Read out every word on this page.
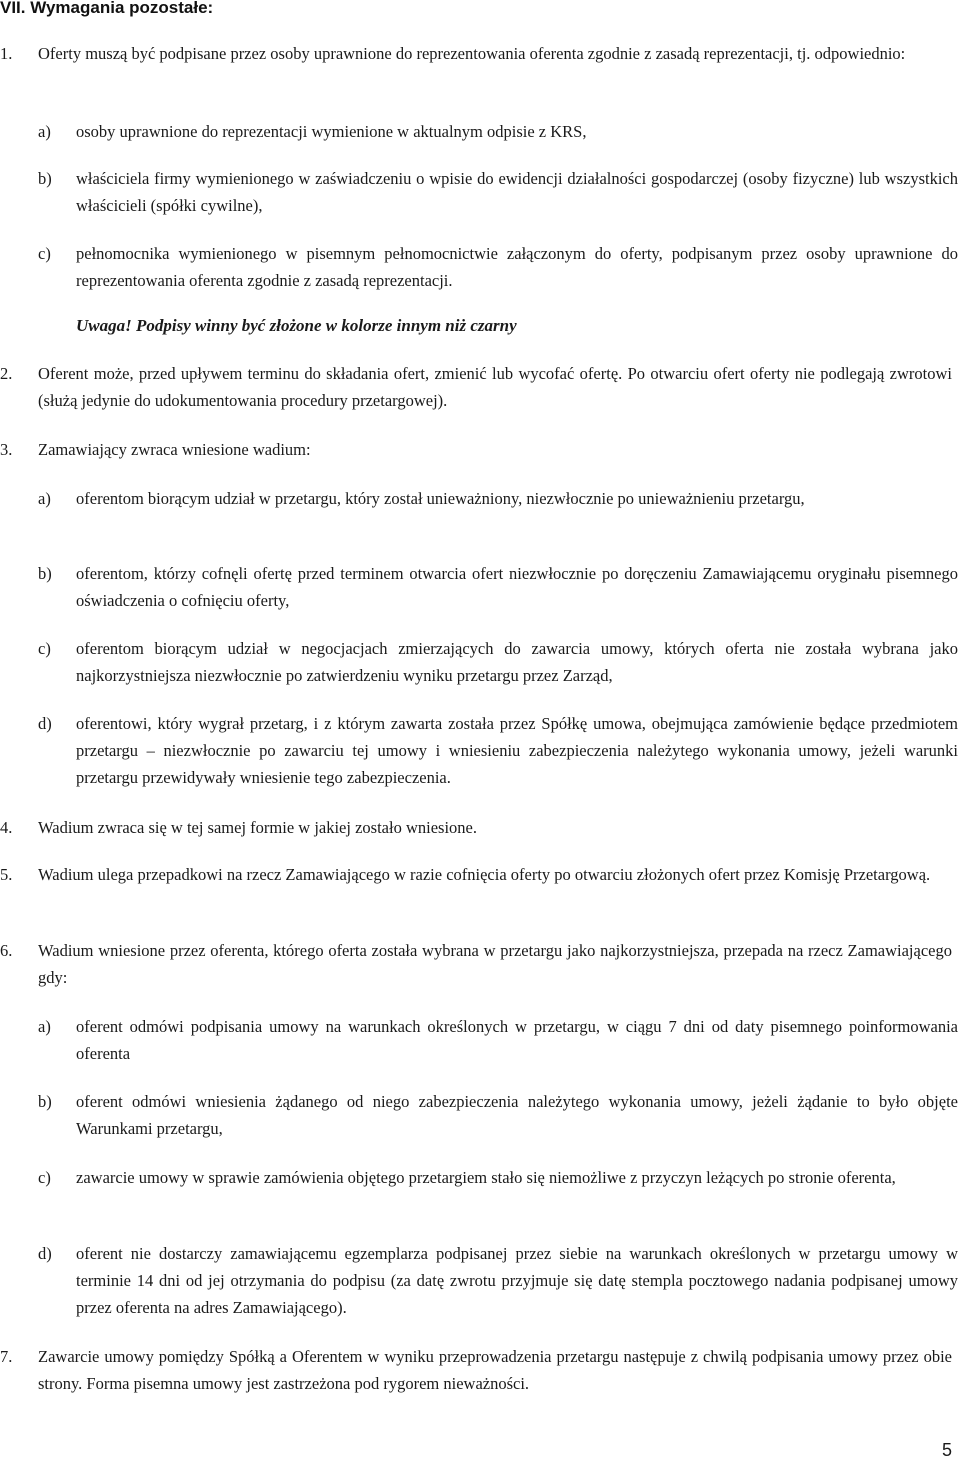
VII. Wymagania pozostałe:

1. Oferty muszą być podpisane przez osoby uprawnione do reprezentowania oferenta zgodnie z zasadą reprezentacji, tj. odpowiednio:

a) osoby uprawnione do reprezentacji wymienione w aktualnym odpisie z KRS,

b) właściciela firmy wymienionego w zaświadczeniu o wpisie do ewidencji działalności gospodarczej (osoby fizyczne) lub wszystkich właścicieli (spółki cywilne),

c) pełnomocnika wymienionego w pisemnym pełnomocnictwie załączonym do oferty, podpisanym przez osoby uprawnione do reprezentowania oferenta zgodnie z zasadą reprezentacji.

Uwaga! Podpisy winny być złożone w kolorze innym niż czarny

2. Oferent może, przed upływem terminu do składania ofert, zmienić lub wycofać ofertę. Po otwarciu ofert oferty nie podlegają zwrotowi (służą jedynie do udokumentowania procedury przetargowej).

3. Zamawiający zwraca wniesione wadium:

a) oferentom biorącym udział w przetargu, który został unieważniony, niezwłocznie po unieważnieniu przetargu,

b) oferentom, którzy cofnęli ofertę przed terminem otwarcia ofert niezwłocznie po doręczeniu Zamawiającemu oryginału pisemnego oświadczenia o cofnięciu oferty,

c) oferentom biorącym udział w negocjacjach zmierzających do zawarcia umowy, których oferta nie została wybrana jako najkorzystniejsza niezwłocznie po zatwierdzeniu wyniku przetargu przez Zarząd,

d) oferentowi, który wygrał przetarg, i z którym zawarta została przez Spółkę umowa, obejmująca zamówienie będące przedmiotem przetargu – niezwłocznie po zawarciu tej umowy i wniesieniu zabezpieczenia należytego wykonania umowy, jeżeli warunki przetargu przewidywały wniesienie tego zabezpieczenia.

4. Wadium zwraca się w tej samej formie w jakiej zostało wniesione.

5. Wadium ulega przepadkowi na rzecz Zamawiającego w razie cofnięcia oferty po otwarciu złożonych ofert przez Komisję Przetargową.

6. Wadium wniesione przez oferenta, którego oferta została wybrana w przetargu jako najkorzystniejsza, przepada na rzecz Zamawiającego gdy:

a) oferent odmówi podpisania umowy na warunkach określonych w przetargu, w ciągu 7 dni od daty pisemnego poinformowania oferenta

b) oferent odmówi wniesienia żądanego od niego zabezpieczenia należytego wykonania umowy, jeżeli żądanie to było objęte Warunkami przetargu,

c) zawarcie umowy w sprawie zamówienia objętego przetargiem stało się niemożliwe z przyczyn leżących po stronie oferenta,

d) oferent nie dostarczy zamawiającemu egzemplarza podpisanej przez siebie na warunkach określonych w przetargu umowy w terminie 14 dni od jej otrzymania do podpisu (za datę zwrotu przyjmuje się datę stempla pocztowego nadania podpisanej umowy przez oferenta na adres Zamawiającego).

7. Zawarcie umowy pomiędzy Spółką a Oferentem w wyniku przeprowadzenia przetargu następuje z chwilą podpisania umowy przez obie strony. Forma pisemna umowy jest zastrzeżona pod rygorem nieważności.

5
